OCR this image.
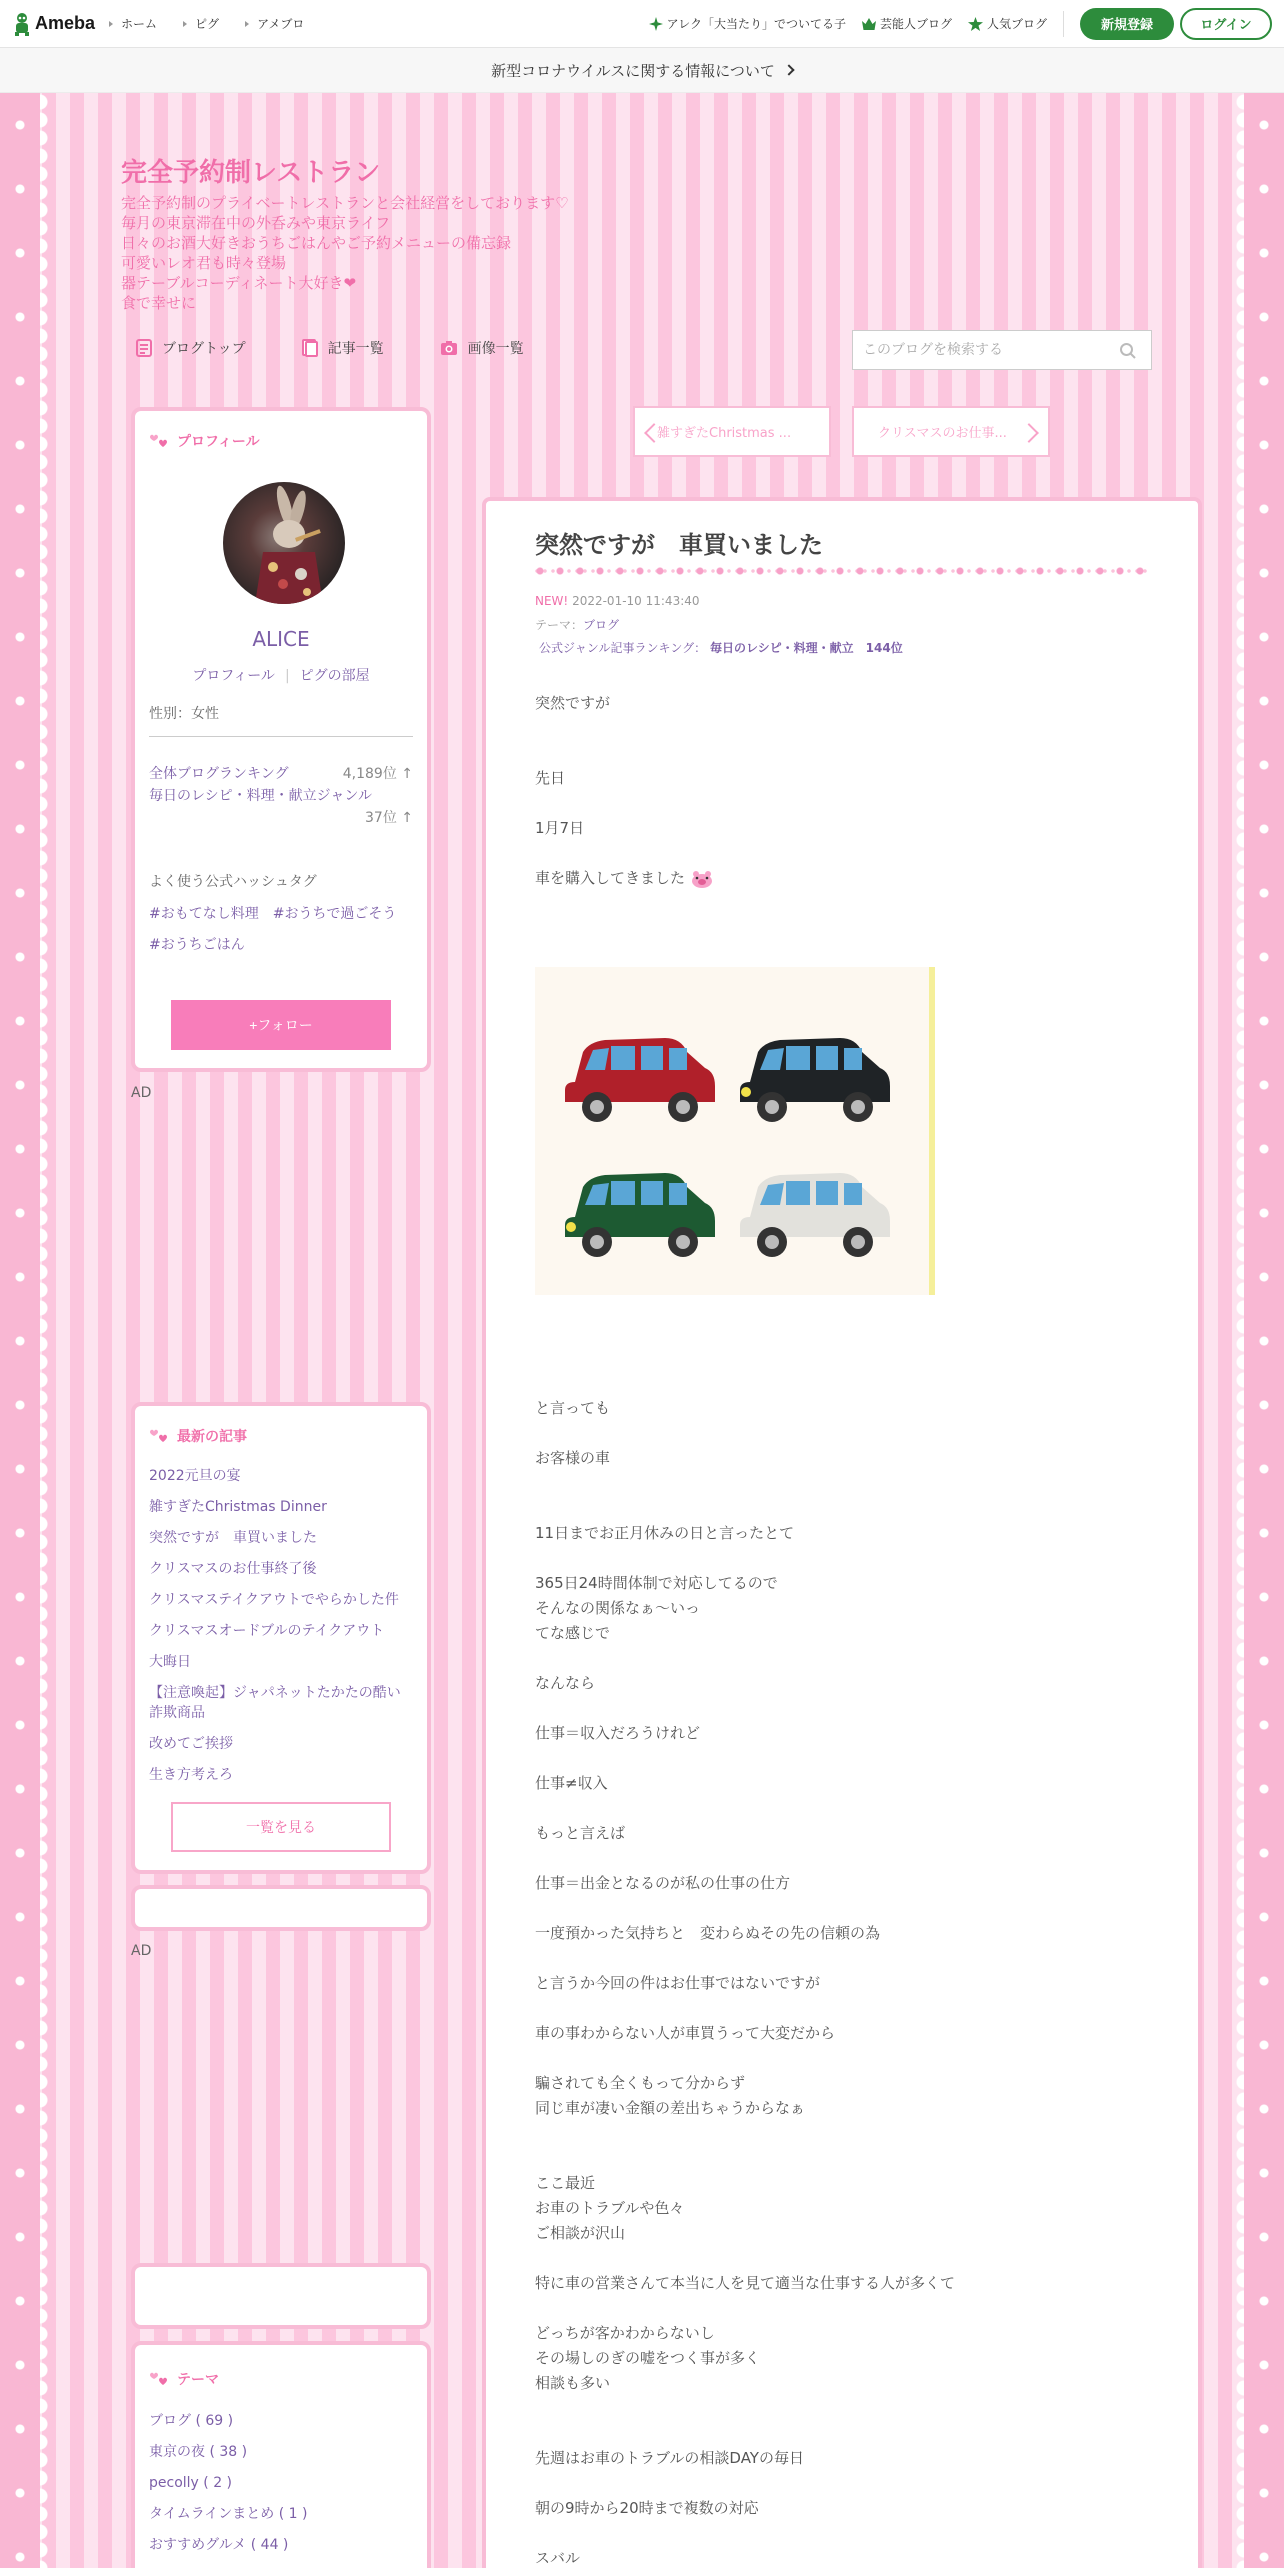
Ameba	ホーム	ピグ	アメブロ	アレク「大当たり」でついてる子	芸能人ブログ	人気ブログ	新規登録	ログイン
新型コロナウイルスに関する情報について
完全予約制レストラン
完全予約制のプライベートレストランと会社経営をしております♡
毎月の東京滞在中の外呑みや東京ライフ
日々のお酒大好きおうちごはんやご予約メニューの備忘録
可愛いレオ君も時々登場
器テーブルコーディネート大好き❤︎
食で幸せに
ブログトップ	記事一覧	画像一覧
このブログを検索する
プロフィール
ALICE
プロフィール | ピグの部屋
性別：女性
全体ブログランキング	4,189位 ↑
毎日のレシピ・料理・献立ジャンル
37位 ↑
よく使う公式ハッシュタグ
#おもてなし料理　#おうちで過ごそう　#おうちごはん
+フォロー
AD
最新の記事
2022元旦の宴
雑すぎたChristmas Dinner
突然ですが　車買いました
クリスマスのお仕事終了後
クリスマステイクアウトでやらかした件
クリスマスオードブルのテイクアウト
大晦日
【注意喚起】ジャパネットたかたの酷い詐欺商品
改めてご挨拶
生き方考えろ
一覧を見る
AD
テーマ
ブログ ( 69 )
東京の夜 ( 38 )
pecolly ( 2 )
タイムラインまとめ ( 1 )
おすすめグルメ ( 44 )
雑すぎたChristmas ...	クリスマスのお仕事...
突然ですが　車買いました
NEW! 2022-01-10 11:43:40
テーマ：ブログ
公式ジャンル記事ランキング： 毎日のレシピ・料理・献立　144位

突然ですが

先日

1月7日

車を購入してきました

と言っても

お客様の車

11日までお正月休みの日と言ったとて

365日24時間体制で対応してるので

そんなの関係なぁ〜いっ

てな感じで

なんなら

仕事＝収入だろうけれど

仕事≠収入

もっと言えば

仕事＝出金となるのが私の仕事の仕方

一度預かった気持ちと　変わらぬその先の信頼の為

と言うか今回の件はお仕事ではないですが

車の事わからない人が車買うって大変だから

騙されても全くもって分からず

同じ車が凄い金額の差出ちゃうからなぁ

ここ最近

お車のトラブルや色々

ご相談が沢山

特に車の営業さんて本当に人を見て適当な仕事する人が多くて

どっちが客かわからないし

その場しのぎの嘘をつく事が多く

相談も多い

先週はお車のトラブルの相談DAYの毎日

朝の9時から20時まで複数の対応

スバル
